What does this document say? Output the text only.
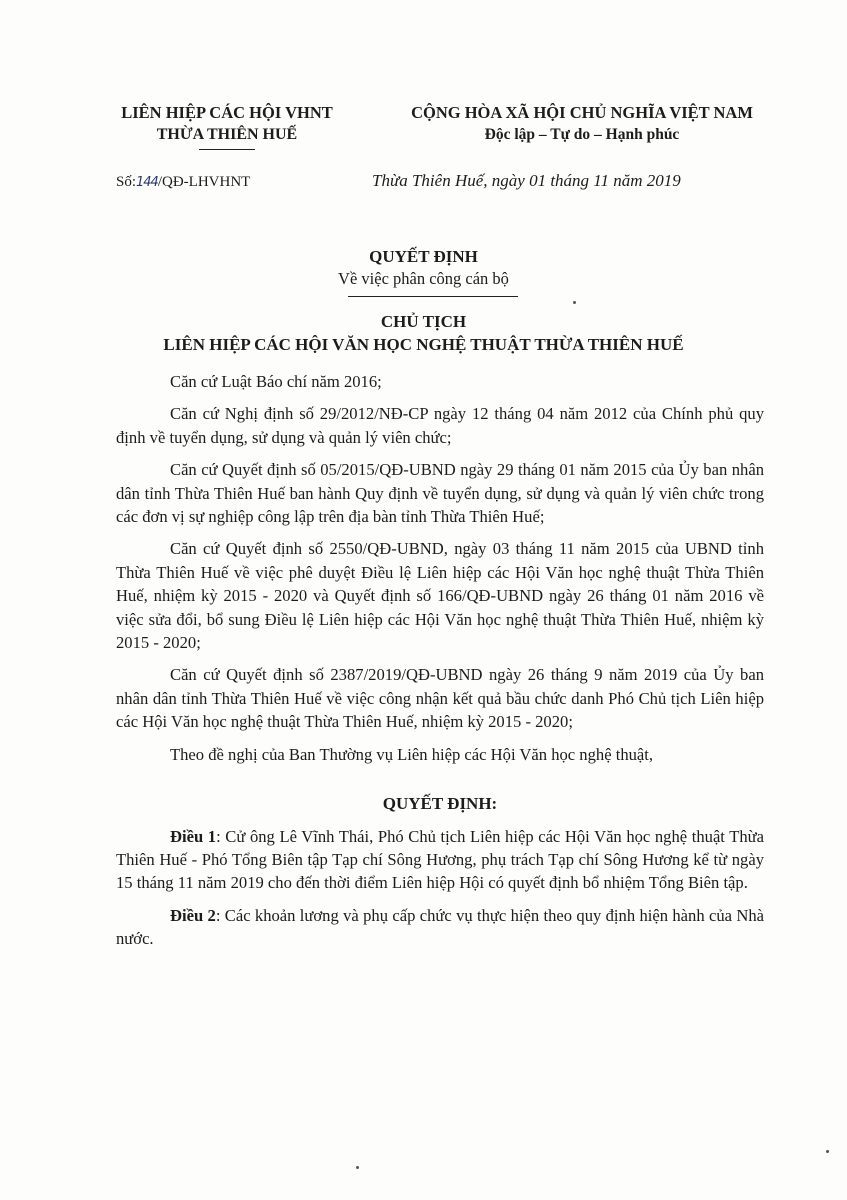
LIÊN HIỆP CÁC HỘI VHNT
THỪA THIÊN HUẾ
CỘNG HÒA XÃ HỘI CHỦ NGHĨA VIỆT NAM
Độc lập – Tự do – Hạnh phúc
Số:144/QĐ-LHVHNT	Thừa Thiên Huế, ngày 01 tháng 11 năm 2019
QUYẾT ĐỊNH
Về việc phân công cán bộ
CHỦ TỊCH
LIÊN HIỆP CÁC HỘI VĂN HỌC NGHỆ THUẬT THỪA THIÊN HUẾ

Căn cứ Luật Báo chí năm 2016;

Căn cứ Nghị định số 29/2012/NĐ-CP ngày 12 tháng 04 năm 2012 của Chính phủ quy định về tuyển dụng, sử dụng và quản lý viên chức;

Căn cứ Quyết định số 05/2015/QĐ-UBND ngày 29 tháng 01 năm 2015 của Ủy ban nhân dân tỉnh Thừa Thiên Huế ban hành Quy định về tuyển dụng, sử dụng và quản lý viên chức trong các đơn vị sự nghiệp công lập trên địa bàn tỉnh Thừa Thiên Huế;

Căn cứ Quyết định số 2550/QĐ-UBND, ngày 03 tháng 11 năm 2015 của UBND tỉnh Thừa Thiên Huế về việc phê duyệt Điều lệ Liên hiệp các Hội Văn học nghệ thuật Thừa Thiên Huế, nhiệm kỳ 2015 - 2020 và Quyết định số 166/QĐ-UBND ngày 26 tháng 01 năm 2016 về việc sửa đổi, bổ sung Điều lệ Liên hiệp các Hội Văn học nghệ thuật Thừa Thiên Huế, nhiệm kỳ 2015 - 2020;

Căn cứ Quyết định số 2387/2019/QĐ-UBND ngày 26 tháng 9 năm 2019 của Ủy ban nhân dân tỉnh Thừa Thiên Huế về việc công nhận kết quả bầu chức danh Phó Chủ tịch Liên hiệp các Hội Văn học nghệ thuật Thừa Thiên Huế, nhiệm kỳ 2015 - 2020;

Theo đề nghị của Ban Thường vụ Liên hiệp các Hội Văn học nghệ thuật,

QUYẾT ĐỊNH:

Điều 1: Cử ông Lê Vĩnh Thái, Phó Chủ tịch Liên hiệp các Hội Văn học nghệ thuật Thừa Thiên Huế - Phó Tổng Biên tập Tạp chí Sông Hương, phụ trách Tạp chí Sông Hương kể từ ngày 15 tháng 11 năm 2019 cho đến thời điểm Liên hiệp Hội có quyết định bổ nhiệm Tổng Biên tập.

Điều 2: Các khoản lương và phụ cấp chức vụ thực hiện theo quy định hiện hành của Nhà nước.
